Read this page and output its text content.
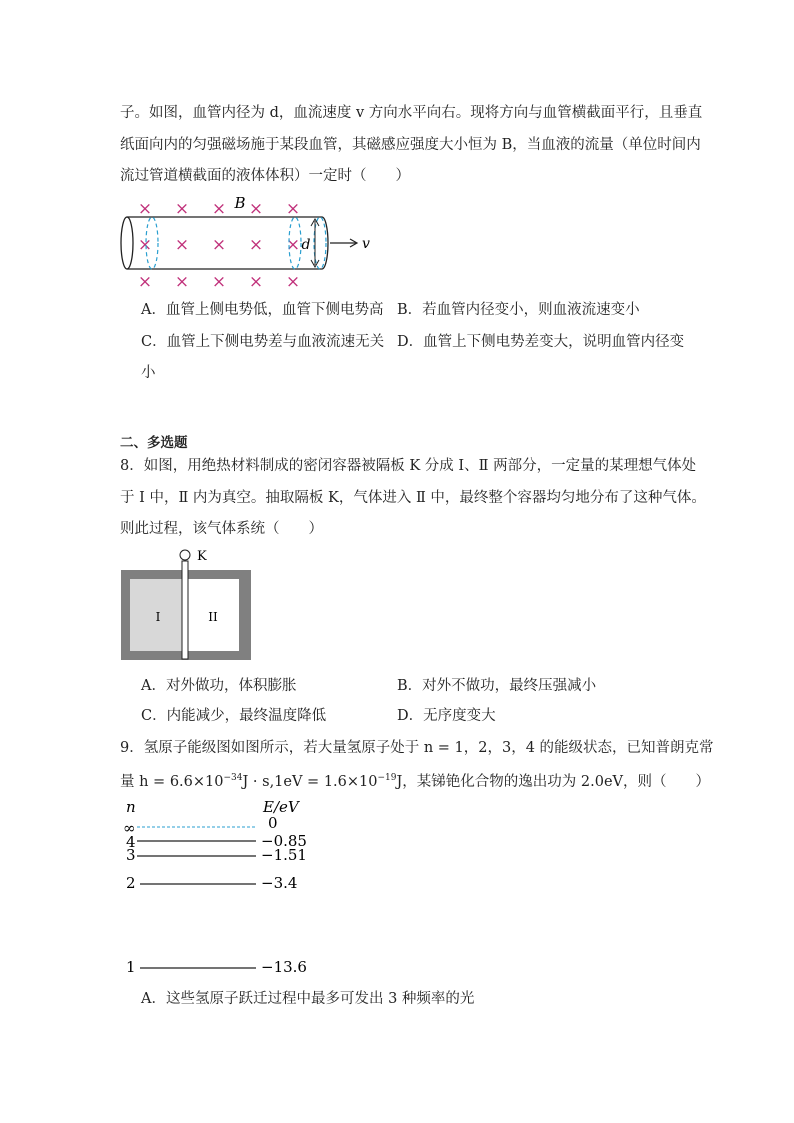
子。如图，血管内径为 d，血流速度 v 方向水平向右。现将方向与血管横截面平行，且垂直
纸面向内的匀强磁场施于某段血管，其磁感应强度大小恒为 B，当血液的流量（单位时间内
流过管道横截面的液体体积）一定时（　　）
× × × × ×
× × × × ×
× × × × ×
d	v
B
A．血管上侧电势低，血管下侧电势高 B．若血管内径变小，则血液流速变小
C．血管上下侧电势差与血液流速无关 D．血管上下侧电势差变大，说明血管内径变
小
二、多选题
8．如图，用绝热材料制成的密闭容器被隔板 K 分成 Ⅰ、Ⅱ 两部分，一定量的某理想气体处
于 Ⅰ 中，Ⅱ 内为真空。抽取隔板 K，气体进入 Ⅱ 中，最终整个容器均匀地分布了这种气体。
则此过程，该气体系统（　　）
K
I	II
A．对外做功，体积膨胀	B．对外不做功，最终压强减小
C．内能减少，最终温度降低	D．无序度变大
9．氢原子能级图如图所示，若大量氢原子处于 n = 1，2，3，4 的能级状态，已知普朗克常
量 $h = 6.6\times 10^{-34}J \cdot s,1eV = 1.6\times 10^{-19}J$，某锑铯化合物的逸出功为 2.0eV，则（　　）
n	E/eV
0
∞
4	−0.85
3	−1.51
2	−3.4
1	−13.6
A．这些氢原子跃迁过程中最多可发出 3 种频率的光
